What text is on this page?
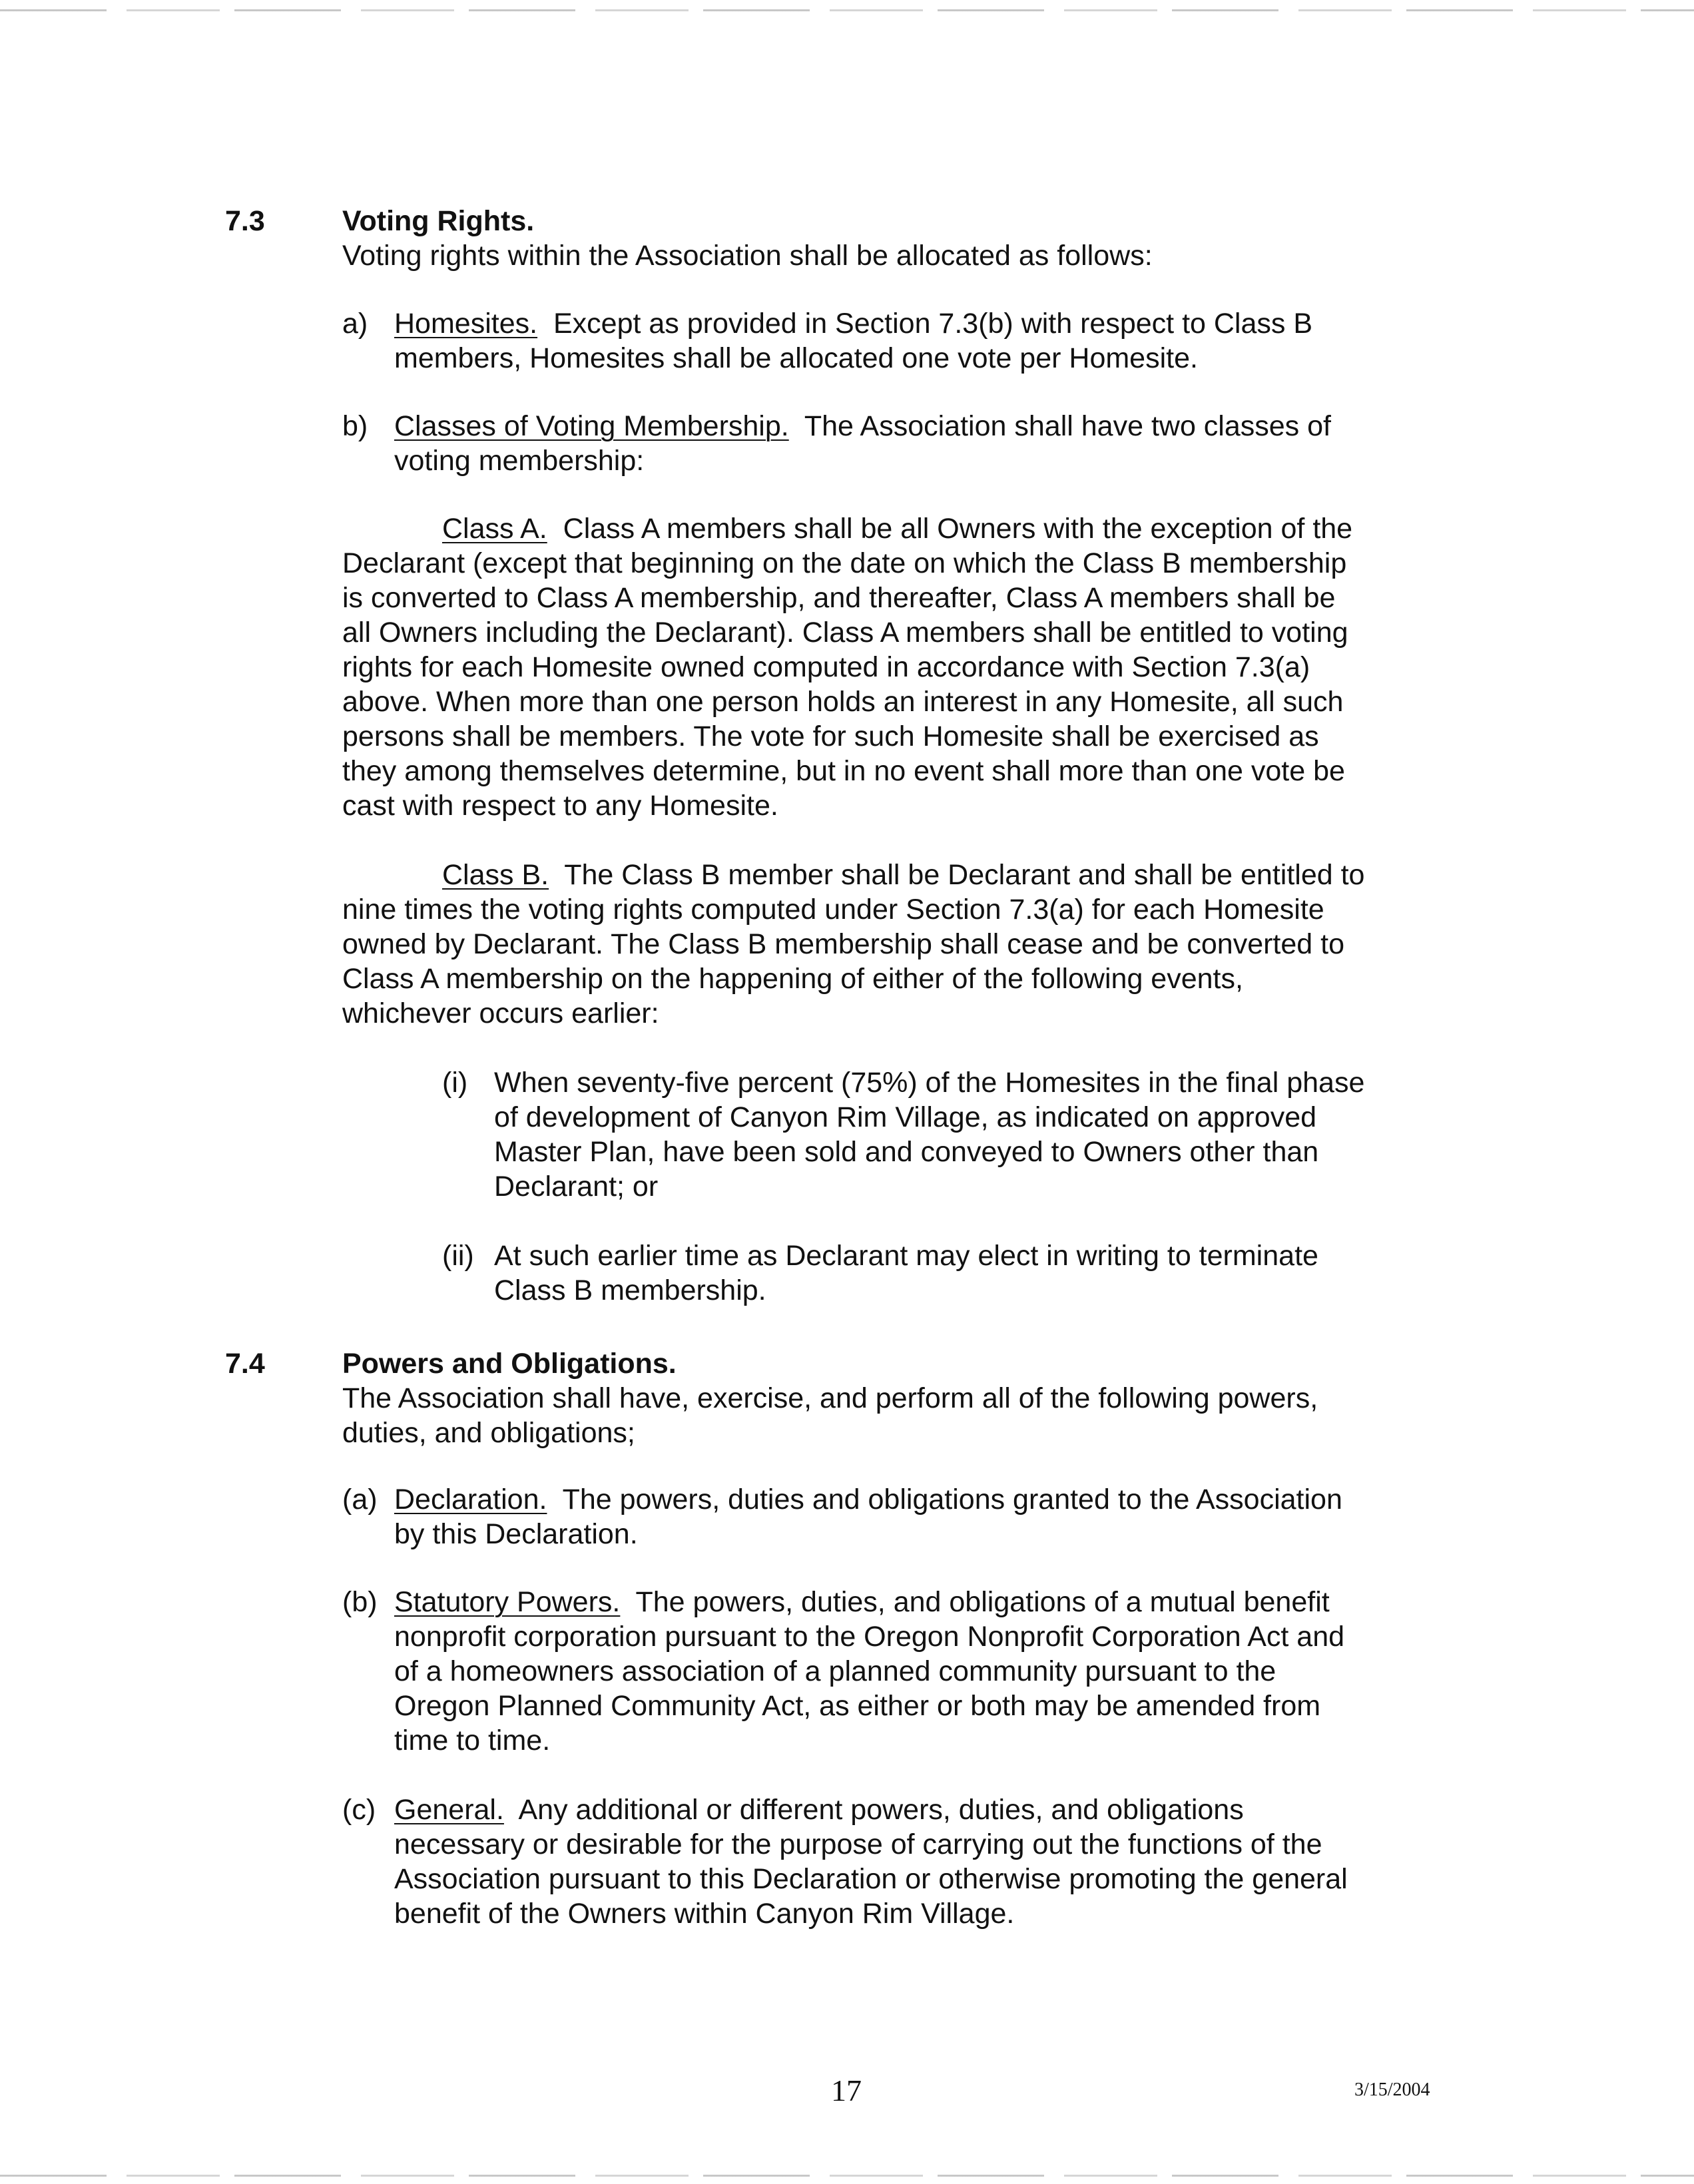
7.3	Voting Rights.
Voting rights within the Association shall be allocated as follows:
a) Homesites. Except as provided in Section 7.3(b) with respect to Class B
members, Homesites shall be allocated one vote per Homesite.
b) Classes of Voting Membership. The Association shall have two classes of
voting membership:
Class A. Class A members shall be all Owners with the exception of the
Declarant (except that beginning on the date on which the Class B membership
is converted to Class A membership, and thereafter, Class A members shall be
all Owners including the Declarant). Class A members shall be entitled to voting
rights for each Homesite owned computed in accordance with Section 7.3(a)
above. When more than one person holds an interest in any Homesite, all such
persons shall be members. The vote for such Homesite shall be exercised as
they among themselves determine, but in no event shall more than one vote be
cast with respect to any Homesite.
Class B. The Class B member shall be Declarant and shall be entitled to
nine times the voting rights computed under Section 7.3(a) for each Homesite
owned by Declarant. The Class B membership shall cease and be converted to
Class A membership on the happening of either of the following events,
whichever occurs earlier:
(i) When seventy-five percent (75%) of the Homesites in the final phase
of development of Canyon Rim Village, as indicated on approved
Master Plan, have been sold and conveyed to Owners other than
Declarant; or
(ii) At such earlier time as Declarant may elect in writing to terminate
Class B membership.
7.4	Powers and Obligations.
The Association shall have, exercise, and perform all of the following powers,
duties, and obligations;
(a) Declaration. The powers, duties and obligations granted to the Association
by this Declaration.
(b) Statutory Powers. The powers, duties, and obligations of a mutual benefit
nonprofit corporation pursuant to the Oregon Nonprofit Corporation Act and
of a homeowners association of a planned community pursuant to the
Oregon Planned Community Act, as either or both may be amended from
time to time.
(c) General. Any additional or different powers, duties, and obligations
necessary or desirable for the purpose of carrying out the functions of the
Association pursuant to this Declaration or otherwise promoting the general
benefit of the Owners within Canyon Rim Village.
17	3/15/2004
